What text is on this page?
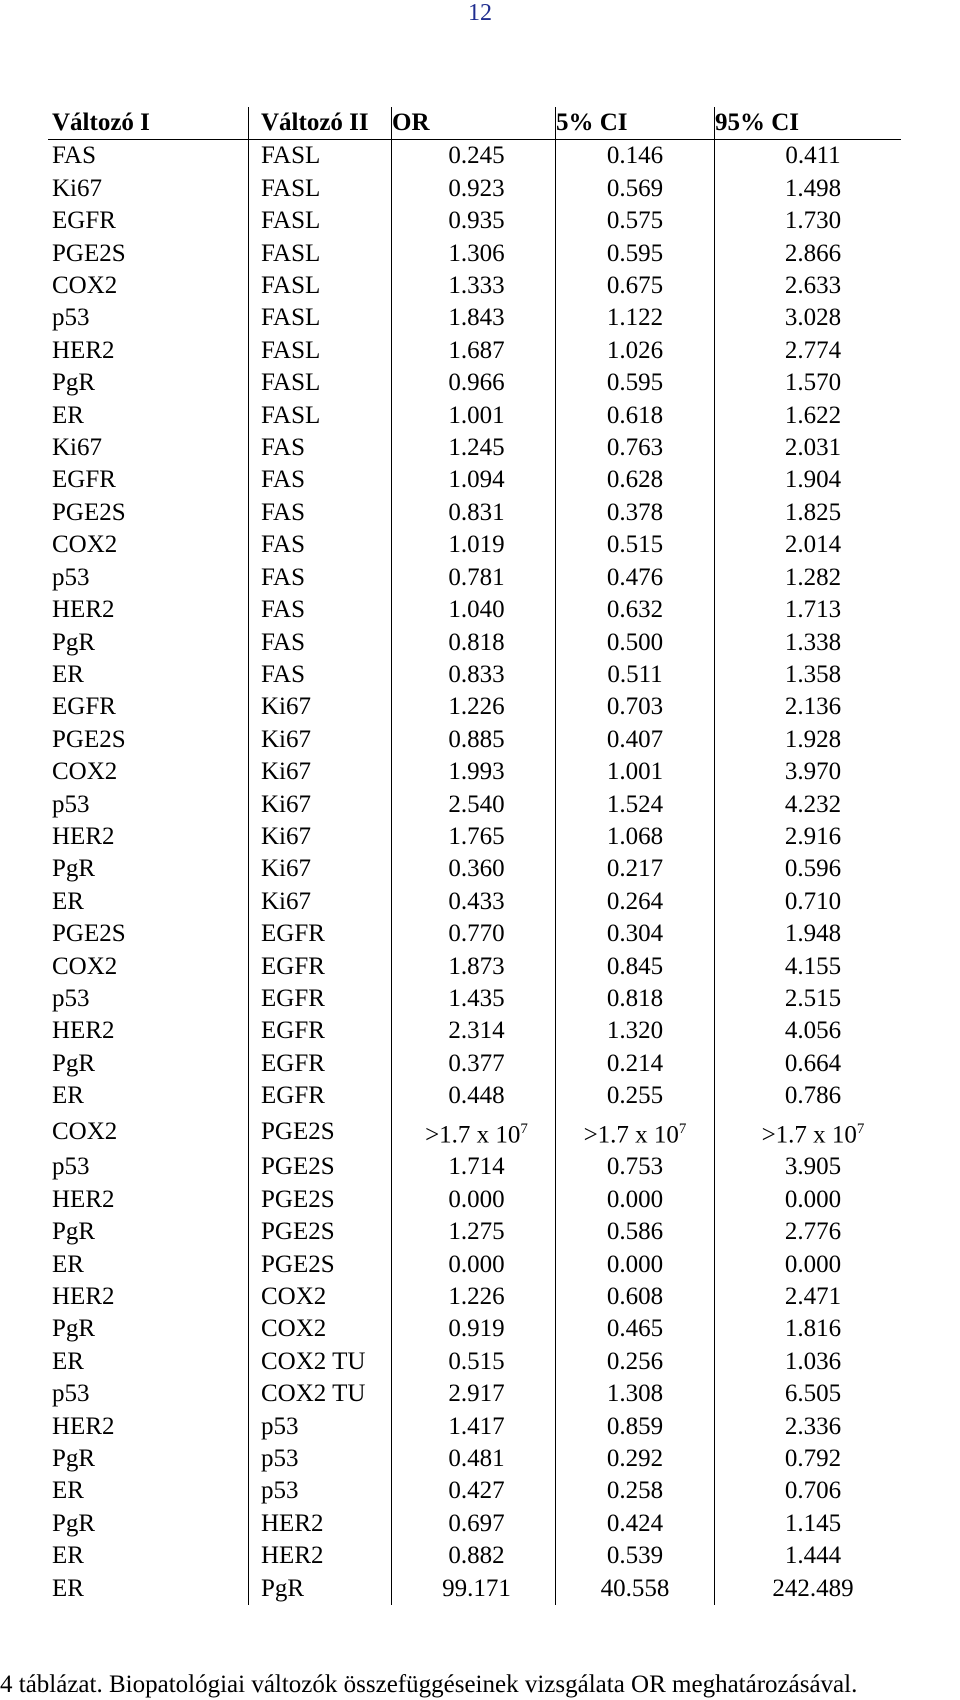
12
Változó I	Változó II	OR	5% CI	95% CI
FAS	FASL	0.245	0.146	0.411
Ki67	FASL	0.923	0.569	1.498
EGFR	FASL	0.935	0.575	1.730
PGE2S	FASL	1.306	0.595	2.866
COX2	FASL	1.333	0.675	2.633
p53	FASL	1.843	1.122	3.028
HER2	FASL	1.687	1.026	2.774
PgR	FASL	0.966	0.595	1.570
ER	FASL	1.001	0.618	1.622
Ki67	FAS	1.245	0.763	2.031
EGFR	FAS	1.094	0.628	1.904
PGE2S	FAS	0.831	0.378	1.825
COX2	FAS	1.019	0.515	2.014
p53	FAS	0.781	0.476	1.282
HER2	FAS	1.040	0.632	1.713
PgR	FAS	0.818	0.500	1.338
ER	FAS	0.833	0.511	1.358
EGFR	Ki67	1.226	0.703	2.136
PGE2S	Ki67	0.885	0.407	1.928
COX2	Ki67	1.993	1.001	3.970
p53	Ki67	2.540	1.524	4.232
HER2	Ki67	1.765	1.068	2.916
PgR	Ki67	0.360	0.217	0.596
ER	Ki67	0.433	0.264	0.710
PGE2S	EGFR	0.770	0.304	1.948
COX2	EGFR	1.873	0.845	4.155
p53	EGFR	1.435	0.818	2.515
HER2	EGFR	2.314	1.320	4.056
PgR	EGFR	0.377	0.214	0.664
ER	EGFR	0.448	0.255	0.786
COX2	PGE2S	>1.7 x $10^7$	>1.7 x $10^7$	>1.7 x $10^7$
p53	PGE2S	1.714	0.753	3.905
HER2	PGE2S	0.000	0.000	0.000
PgR	PGE2S	1.275	0.586	2.776
ER	PGE2S	0.000	0.000	0.000
HER2	COX2	1.226	0.608	2.471
PgR	COX2	0.919	0.465	1.816
ER	COX2 TU	0.515	0.256	1.036
p53	COX2 TU	2.917	1.308	6.505
HER2	p53	1.417	0.859	2.336
PgR	p53	0.481	0.292	0.792
ER	p53	0.427	0.258	0.706
PgR	HER2	0.697	0.424	1.145
ER	HER2	0.882	0.539	1.444
ER	PgR	99.171	40.558	242.489
4 táblázat. Biopatológiai változók összefüggéseinek vizsgálata OR meghatározásával.
